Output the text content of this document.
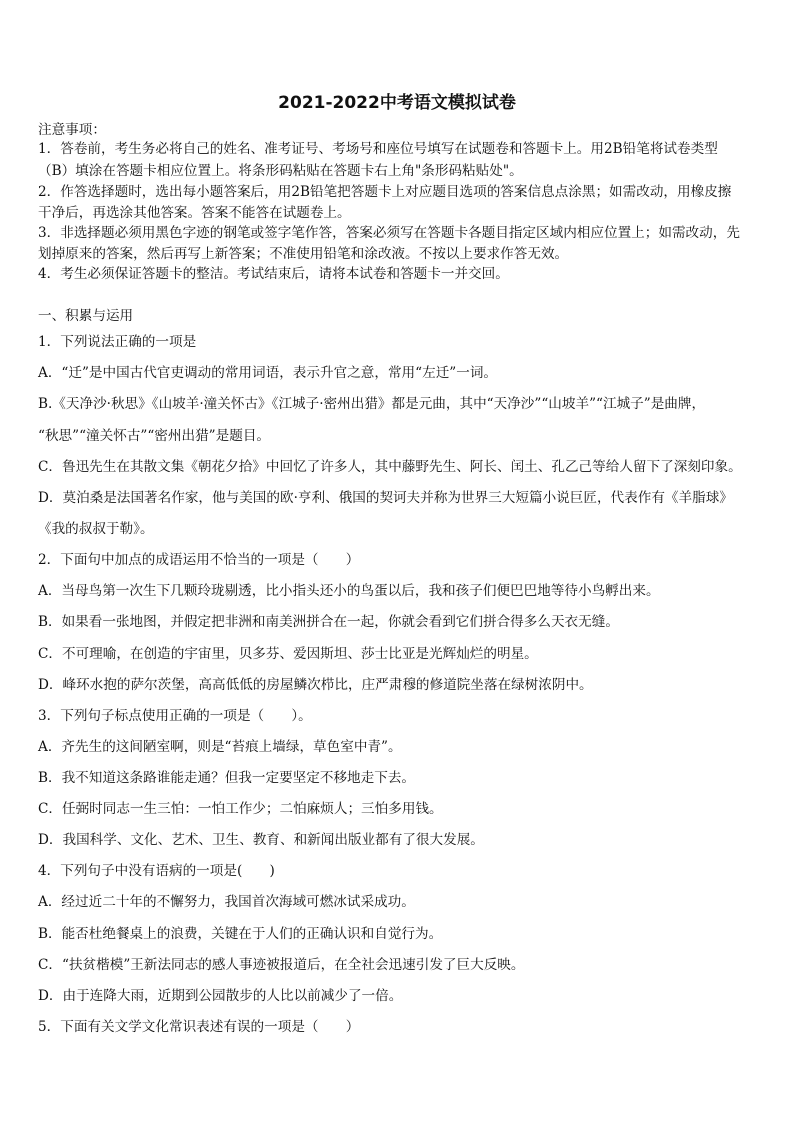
2021-2022中考语文模拟试卷
注意事项：
1．答卷前，考生务必将自己的姓名、准考证号、考场号和座位号填写在试题卷和答题卡上。用2B铅笔将试卷类型
（B）填涂在答题卡相应位置上。将条形码粘贴在答题卡右上角"条形码粘贴处"。
2．作答选择题时，选出每小题答案后，用2B铅笔把答题卡上对应题目选项的答案信息点涂黑；如需改动，用橡皮擦
干净后，再选涂其他答案。答案不能答在试题卷上。
3．非选择题必须用黑色字迹的钢笔或签字笔作答，答案必须写在答题卡各题目指定区域内相应位置上；如需改动，先
划掉原来的答案，然后再写上新答案；不准使用铅笔和涂改液。不按以上要求作答无效。
4．考生必须保证答题卡的整洁。考试结束后，请将本试卷和答题卡一并交回。
一、积累与运用
1．下列说法正确的一项是
A．“迁”是中国古代官吏调动的常用词语，表示升官之意，常用“左迁”一词。
B.《天净沙·秋思》《山坡羊·潼关怀古》《江城子·密州出猎》都是元曲，其中“天净沙”“山坡羊”“江城子”是曲牌，
“秋思”“潼关怀古”“密州出猎”是题目。
C．鲁迅先生在其散文集《朝花夕拾》中回忆了许多人，其中藤野先生、阿长、闰土、孔乙己等给人留下了深刻印象。
D．莫泊桑是法国著名作家，他与美国的欧·亨利、俄国的契诃夫并称为世界三大短篇小说巨匠，代表作有《羊脂球》
《我的叔叔于勒》。
2．下面句中加点的成语运用不恰当的一项是（　　）
A．当母鸟第一次生下几颗玲珑剔透，比小指头还小的鸟蛋以后，我和孩子们便巴巴地等待小鸟孵出来。
B．如果看一张地图，并假定把非洲和南美洲拼合在一起，你就会看到它们拼合得多么天衣无缝。
C．不可理喻，在创造的宇宙里，贝多芬、爱因斯坦、莎士比亚是光辉灿烂的明星。
D．峰环水抱的萨尔茨堡，高高低低的房屋鳞次栉比，庄严肃穆的修道院坐落在绿树浓阴中。
3．下列句子标点使用正确的一项是（　　）。
A．齐先生的这间陋室啊，则是“苔痕上墙绿，草色室中青”。
B．我不知道这条路谁能走通？但我一定要坚定不移地走下去。
C．任弼时同志一生三怕：一怕工作少；二怕麻烦人；三怕多用钱。
D．我国科学、文化、艺术、卫生、教育、和新闻出版业都有了很大发展。
4．下列句子中没有语病的一项是(　　)
A．经过近二十年的不懈努力，我国首次海域可燃冰试采成功。
B．能否杜绝餐桌上的浪费，关键在于人们的正确认识和自觉行为。
C．“扶贫楷模”王新法同志的感人事迹被报道后，在全社会迅速引发了巨大反映。
D．由于连降大雨，近期到公园散步的人比以前减少了一倍。
5．下面有关文学文化常识表述有误的一项是（　　）
